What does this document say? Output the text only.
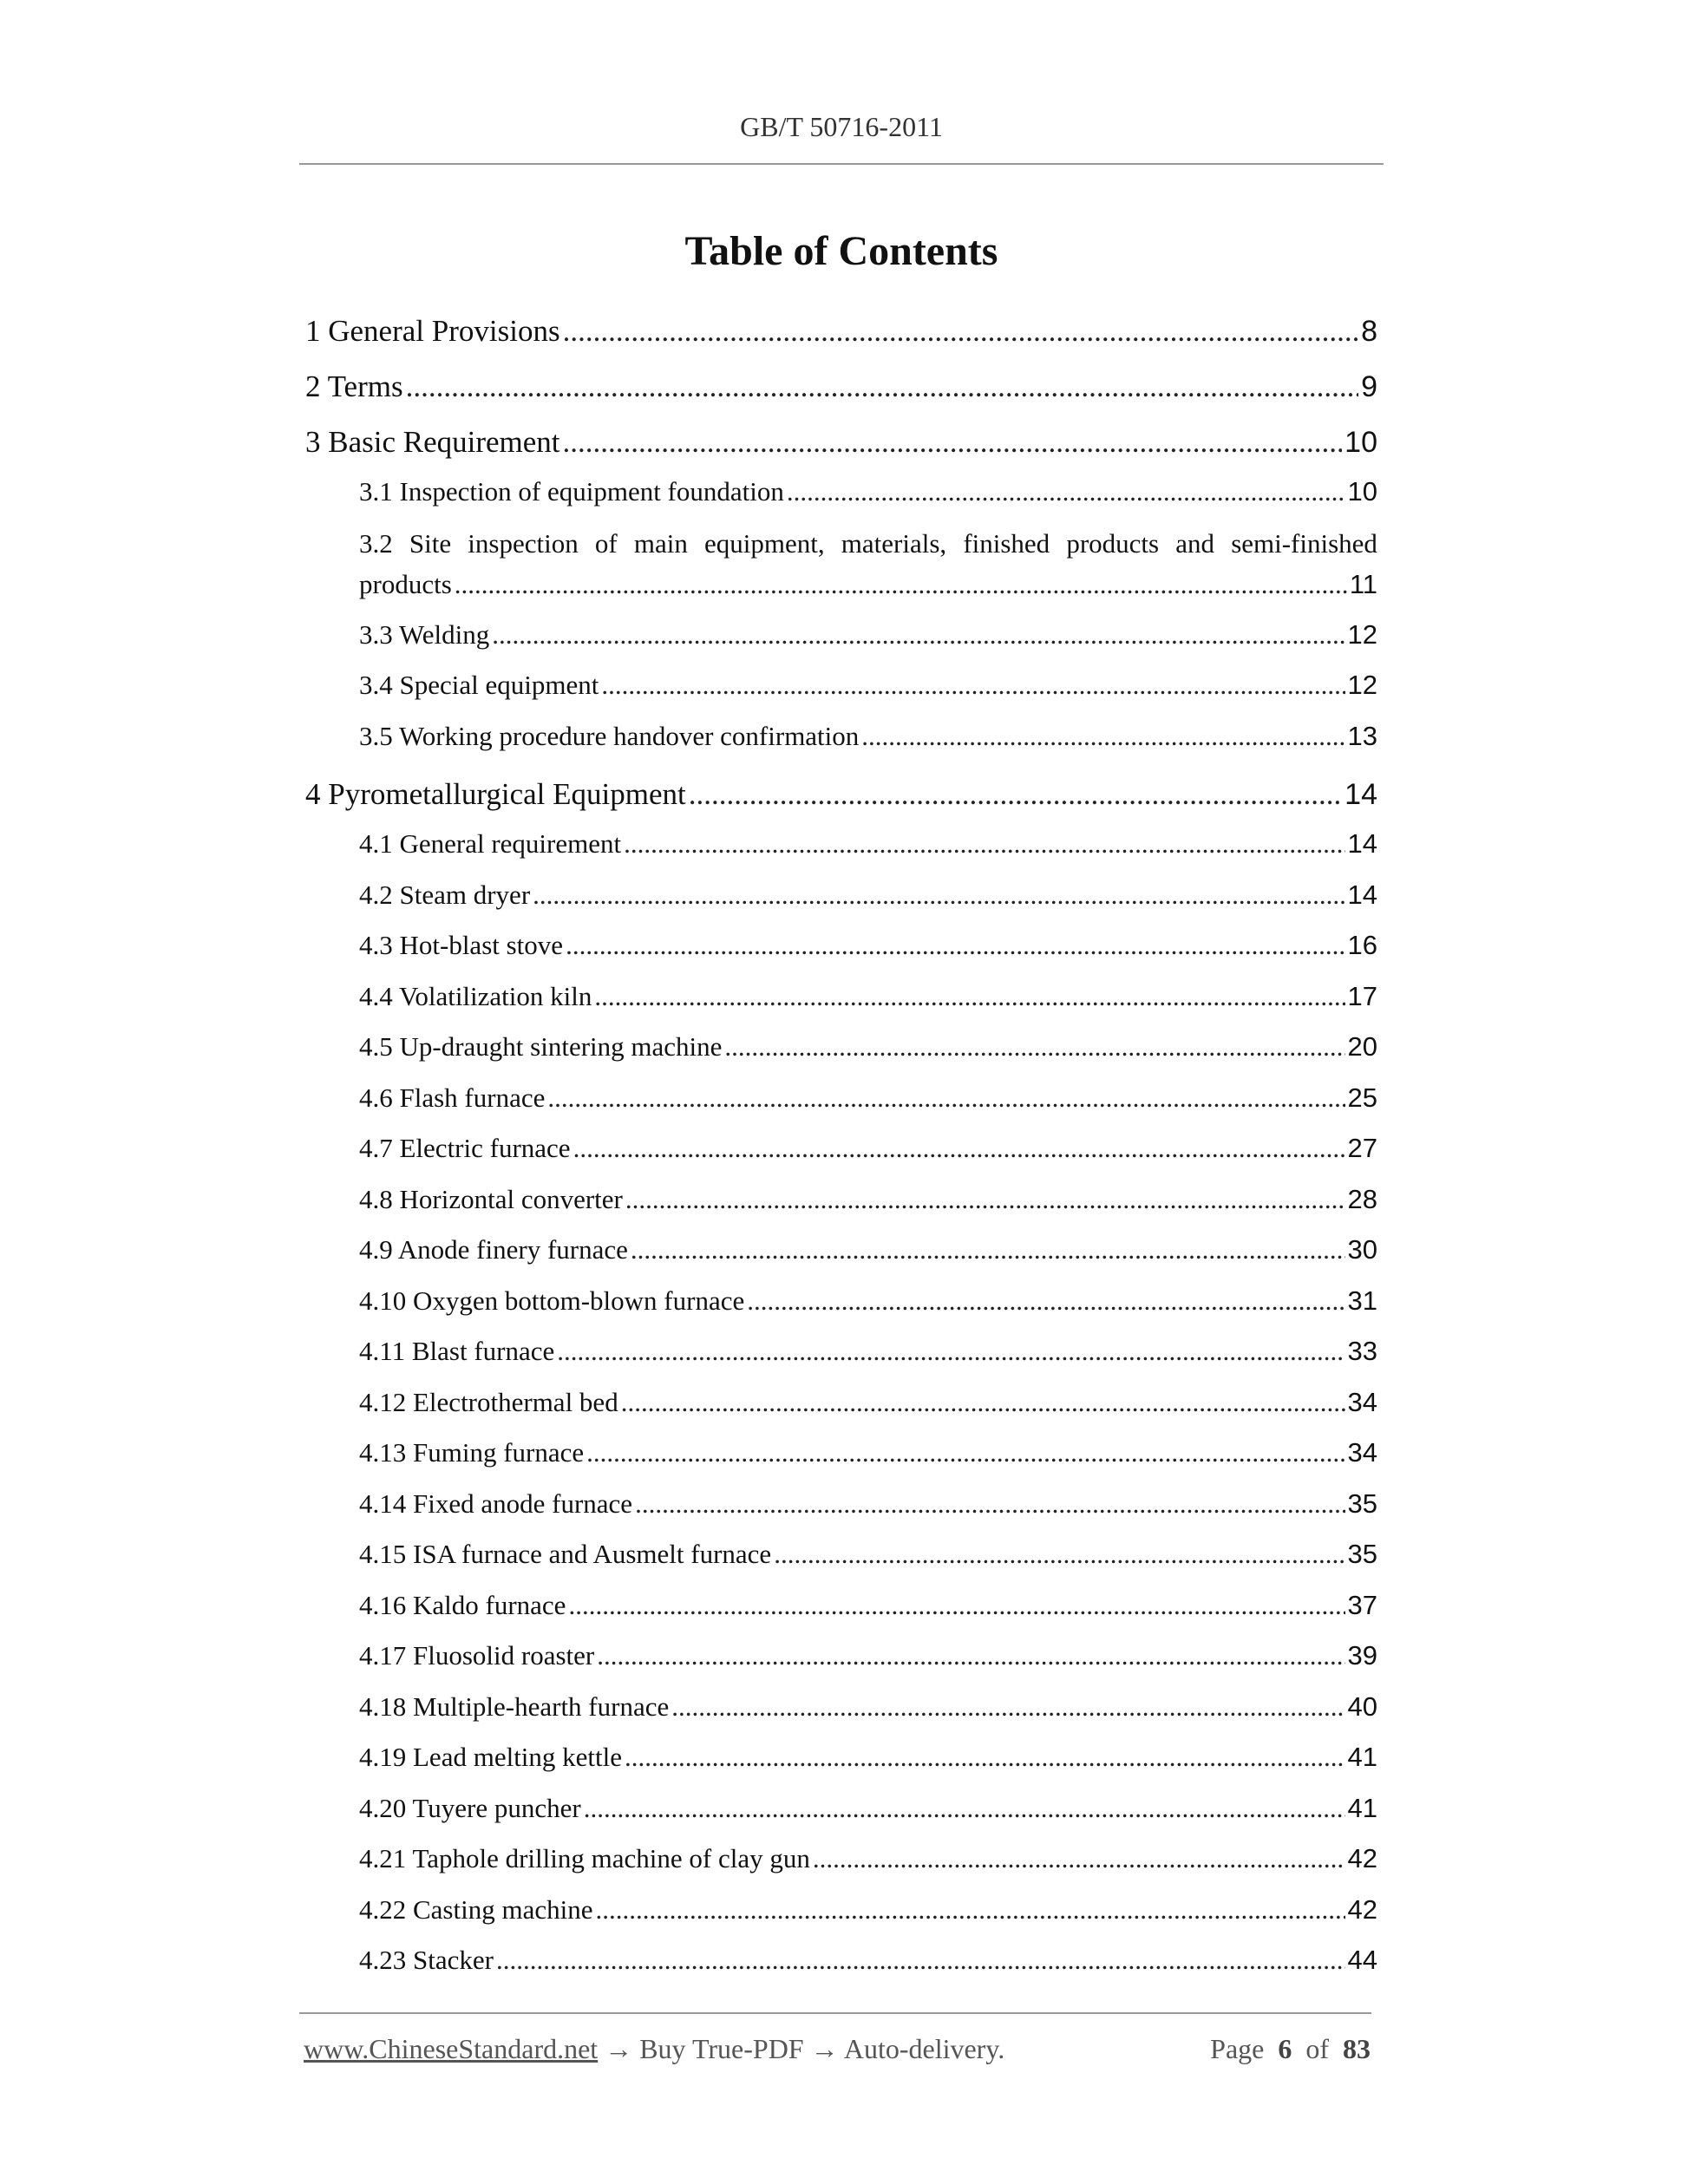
GB/T 50716-2011
Table of Contents
1 General Provisions .....	8
2 Terms .....	9
3 Basic Requirement .....	10
3.1 Inspection of equipment foundation .....	10
3.2 Site inspection of main equipment, materials, finished products and semi-finished
products .....	11
3.3 Welding .....	12
3.4 Special equipment .....	12
3.5 Working procedure handover confirmation .....	13
4 Pyrometallurgical Equipment .....	14
4.1 General requirement .....	14
4.2 Steam dryer .....	14
4.3 Hot-blast stove .....	16
4.4 Volatilization kiln .....	17
4.5 Up-draught sintering machine .....	20
4.6 Flash furnace .....	25
4.7 Electric furnace .....	27
4.8 Horizontal converter .....	28
4.9 Anode finery furnace .....	30
4.10 Oxygen bottom-blown furnace .....	31
4.11 Blast furnace .....	33
4.12 Electrothermal bed .....	34
4.13 Fuming furnace .....	34
4.14 Fixed anode furnace .....	35
4.15 ISA furnace and Ausmelt furnace .....	35
4.16 Kaldo furnace .....	37
4.17 Fluosolid roaster .....	39
4.18 Multiple-hearth furnace .....	40
4.19 Lead melting kettle .....	41
4.20 Tuyere puncher .....	41
4.21 Taphole drilling machine of clay gun .....	42
4.22 Casting machine .....	42
4.23 Stacker .....	44
www.ChineseStandard.net → Buy True-PDF → Auto-delivery.	Page 6 of 83
